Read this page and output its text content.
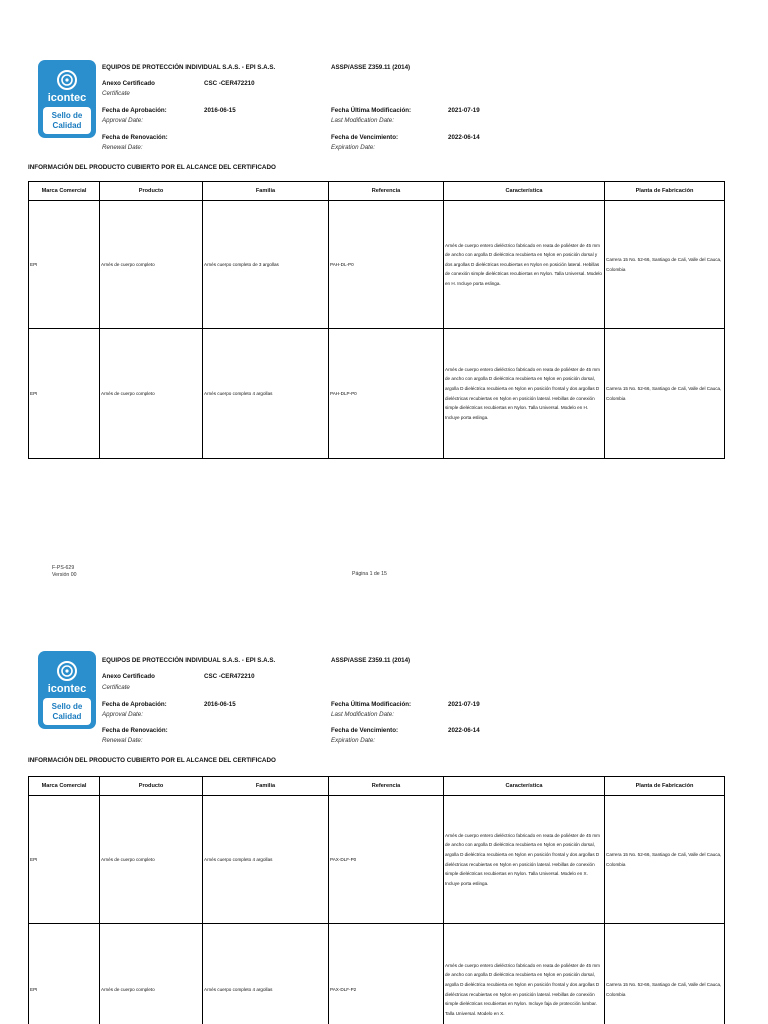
icontec
Sello de
Calidad
EQUIPOS DE PROTECCIÓN INDIVIDUAL S.A.S. - EPI S.A.S.	ASSP/ASSE Z359.11 (2014)
Anexo Certificado	CSC -CER472210
Certificate
Fecha de Aprobación:	2016-06-15	Fecha Última Modificación:	2021-07-19
Approval Date:	Last Modification Date:
Fecha de Renovación:	Fecha de Vencimiento:	2022-06-14
Renewal Date:	Expiration Date:
INFORMACIÓN DEL PRODUCTO CUBIERTO POR EL ALCANCE DEL CERTIFICADO
Marca Comercial	Producto	Familia	Referencia	Característica	Planta de Fabricación
EPI	Arnés de cuerpo completo	Arnés cuerpo completo de 3 argollas	PAH-DL-P0	Arnés de cuerpo entero dieléctrico fabricado en reata de poliéster de 45 mm de ancho con argolla D dieléctrica recubierta en Nylon en posición dorsal y dos argollas D dieléctricas recubiertas en Nylon en posición lateral. Hebillas de conexión simple dieléctricas recubiertas en Nylon. Talla Universal. Modelo en H. Incluye porta eslinga.	Carrera 15 No. 52-66, Santiago de Cali, Valle del Cauca, Colombia
EPI	Arnés de cuerpo completo	Arnés cuerpo completo 4 argollas	PAH-DLP-P0	Arnés de cuerpo entero dieléctrico fabricado en reata de poliéster de 45 mm de ancho con argolla D dieléctrica recubierta en Nylon en posición dorsal, argolla D dieléctrica recubierta en Nylon en posición frontal y dos argollas D dieléctricas recubiertas en Nylon en posición lateral. Hebillas de conexión simple dieléctricas recubiertas en Nylon. Talla Universal. Modelo en H. Incluye porta eslinga.	Carrera 15 No. 52-66, Santiago de Cali, Valle del Cauca, Colombia
F-PS-629
Versión 00	Página 1 de 15
icontec
Sello de
Calidad
EQUIPOS DE PROTECCIÓN INDIVIDUAL S.A.S. - EPI S.A.S.	ASSP/ASSE Z359.11 (2014)
Anexo Certificado	CSC -CER472210
Certificate
Fecha de Aprobación:	2016-06-15	Fecha Última Modificación:	2021-07-19
Approval Date:	Last Modification Date:
Fecha de Renovación:	Fecha de Vencimiento:	2022-06-14
Renewal Date:	Expiration Date:
INFORMACIÓN DEL PRODUCTO CUBIERTO POR EL ALCANCE DEL CERTIFICADO
Marca Comercial	Producto	Familia	Referencia	Característica	Planta de Fabricación
EPI	Arnés de cuerpo completo	Arnés cuerpo completo 4 argollas	PAX-DLF-P0	Arnés de cuerpo entero dieléctrico fabricado en reata de poliéster de 45 mm de ancho con argolla D dieléctrica recubierta en Nylon en posición dorsal, argolla D dieléctrica recubierta en Nylon en posición frontal y dos argollas D dieléctricas recubiertas en Nylon en posición lateral. Hebillas de conexión simple dieléctricas recubiertas en Nylon. Talla Universal. Modelo en X. Incluye porta eslinga.	Carrera 15 No. 52-66, Santiago de Cali, Valle del Cauca, Colombia
EPI	Arnés de cuerpo completo	Arnés cuerpo completo 4 argollas	PAX-DLF-P2	Arnés de cuerpo entero dieléctrico fabricado en reata de poliéster de 45 mm de ancho con argolla D dieléctrica recubierta en Nylon en posición dorsal, argolla D dieléctrica recubierta en Nylon en posición frontal y dos argollas D dieléctricas recubiertas en Nylon en posición lateral. Hebillas de conexión simple dieléctricas recubiertas en Nylon. Incluye faja de protección lumbar. Talla Universal. Modelo en X.	Carrera 15 No. 52-66, Santiago de Cali, Valle del Cauca, Colombia
